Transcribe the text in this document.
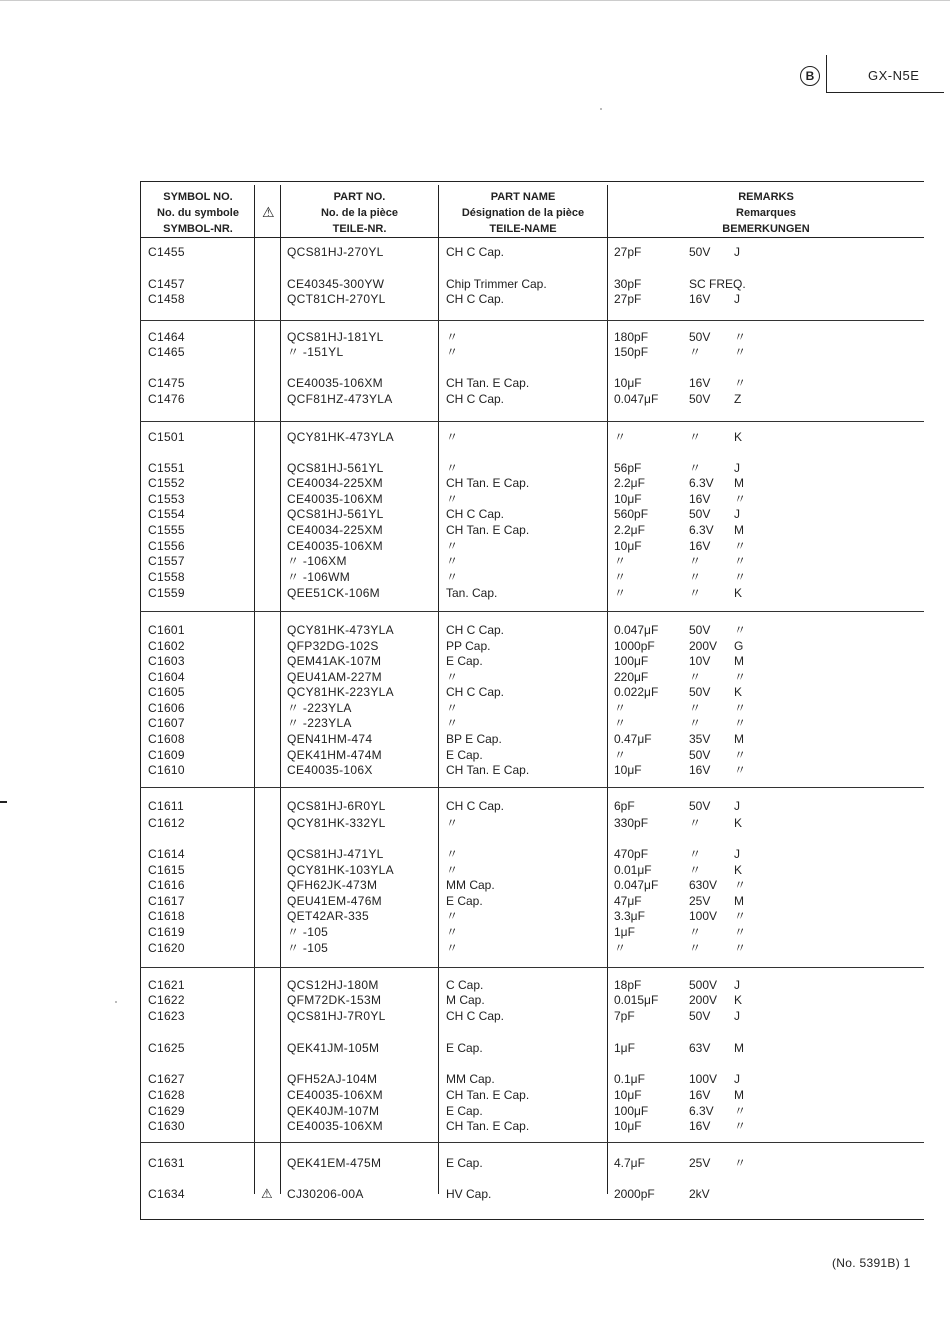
B	GX-N5E
SYMBOL NO.
No. du symbole
SYMBOL-NR.
⚠
PART NO.
No. de la pièce
TEILE-NR.
PART NAME
Désignation de la pièce
TEILE-NAME
REMARKS
Remarques
BEMERKUNGEN
C1455	QCS81HJ-270YL	CH C Cap.	27pF	50V J
C1457	CE40345-300YW	Chip Trimmer Cap.	30pF	SC FREQ.
C1458	QCT81CH-270YL	CH C Cap.	27pF	16V J
C1464	QCS81HJ-181YL	〃	180pF	50V 〃
C1465	〃 -151YL	〃	150pF	〃	〃
C1475	CE40035-106XM	CH Tan. E Cap.	10μF	16V 〃
C1476	QCF81HZ-473YLA	CH C Cap.	0.047μF	50V Z
C1501	QCY81HK-473YLA	〃	〃	〃	K
C1551	QCS81HJ-561YL	〃	56pF	〃	J
C1552	CE40034-225XM	CH Tan. E Cap.	2.2μF	6.3V M
C1553	CE40035-106XM	〃	10μF	16V 〃
C1554	QCS81HJ-561YL	CH C Cap.	560pF	50V J
C1555	CE40034-225XM	CH Tan. E Cap.	2.2μF	6.3V M
C1556	CE40035-106XM	〃	10μF	16V 〃
C1557	〃 -106XM	〃	〃	〃	〃
C1558	〃 -106WM	〃	〃	〃	〃
C1559	QEE51CK-106M	Tan. Cap.	〃	〃	K
C1601	QCY81HK-473YLA	CH C Cap.	0.047μF	50V 〃
C1602	QFP32DG-102S	PP Cap.	1000pF	200V G
C1603	QEM41AK-107M	E Cap.	100μF	10V M
C1604	QEU41AM-227M	〃	220μF	〃	〃
C1605	QCY81HK-223YLA	CH C Cap.	0.022μF	50V K
C1606	〃 -223YLA	〃	〃	〃	〃
C1607	〃 -223YLA	〃	〃	〃	〃
C1608	QEN41HM-474	BP E Cap.	0.47μF	35V M
C1609	QEK41HM-474M	E Cap.	〃	50V 〃
C1610	CE40035-106X	CH Tan. E Cap.	10μF	16V 〃
C1611	QCS81HJ-6R0YL	CH C Cap.	6pF	50V J
C1612	QCY81HK-332YL	〃	330pF	〃	K
C1614	QCS81HJ-471YL	〃	470pF	〃	J
C1615	QCY81HK-103YLA	〃	0.01μF	〃	K
C1616	QFH62JK-473M	MM Cap.	0.047μF	630V 〃
C1617	QEU41EM-476M	E Cap.	47μF	25V M
C1618	QET42AR-335	〃	3.3μF	100V 〃
C1619	〃 -105	〃	1μF	〃	〃
C1620	〃 -105	〃	〃	〃	〃
C1621	QCS12HJ-180M	C Cap.	18pF	500V J
C1622	QFM72DK-153M	M Cap.	0.015μF	200V K
C1623	QCS81HJ-7R0YL	CH C Cap.	7pF	50V J
C1625	QEK41JM-105M	E Cap.	1μF	63V M
C1627	QFH52AJ-104M	MM Cap.	0.1μF	100V J
C1628	CE40035-106XM	CH Tan. E Cap.	10μF	16V M
C1629	QEK40JM-107M	E Cap.	100μF	6.3V 〃
C1630	CE40035-106XM	CH Tan. E Cap.	10μF	16V 〃
C1631	QEK41EM-475M	E Cap.	4.7μF	25V 〃
C1634	⚠ CJ30206-00A	HV Cap.	2000pF	2kV
(No. 5391B) 1
